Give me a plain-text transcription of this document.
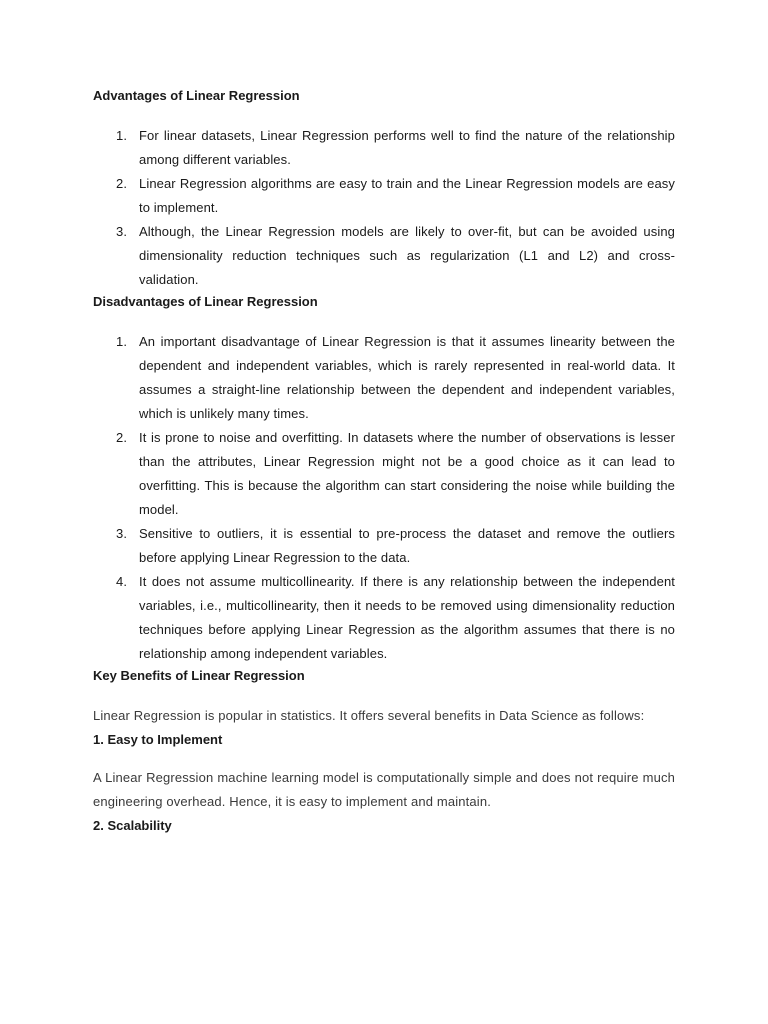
Advantages of Linear Regression
1. For linear datasets, Linear Regression performs well to find the nature of the relationship among different variables.
2. Linear Regression algorithms are easy to train and the Linear Regression models are easy to implement.
3. Although, the Linear Regression models are likely to over-fit, but can be avoided using dimensionality reduction techniques such as regularization (L1 and L2) and cross-validation.
Disadvantages of Linear Regression
1. An important disadvantage of Linear Regression is that it assumes linearity between the dependent and independent variables, which is rarely represented in real-world data. It assumes a straight-line relationship between the dependent and independent variables, which is unlikely many times.
2. It is prone to noise and overfitting. In datasets where the number of observations is lesser than the attributes, Linear Regression might not be a good choice as it can lead to overfitting. This is because the algorithm can start considering the noise while building the model.
3. Sensitive to outliers, it is essential to pre-process the dataset and remove the outliers before applying Linear Regression to the data.
4. It does not assume multicollinearity. If there is any relationship between the independent variables, i.e., multicollinearity, then it needs to be removed using dimensionality reduction techniques before applying Linear Regression as the algorithm assumes that there is no relationship among independent variables.
Key Benefits of Linear Regression

Linear Regression is popular in statistics. It offers several benefits in Data Science as follows:

1. Easy to Implement

A Linear Regression machine learning model is computationally simple and does not require much engineering overhead. Hence, it is easy to implement and maintain.

2. Scalability
